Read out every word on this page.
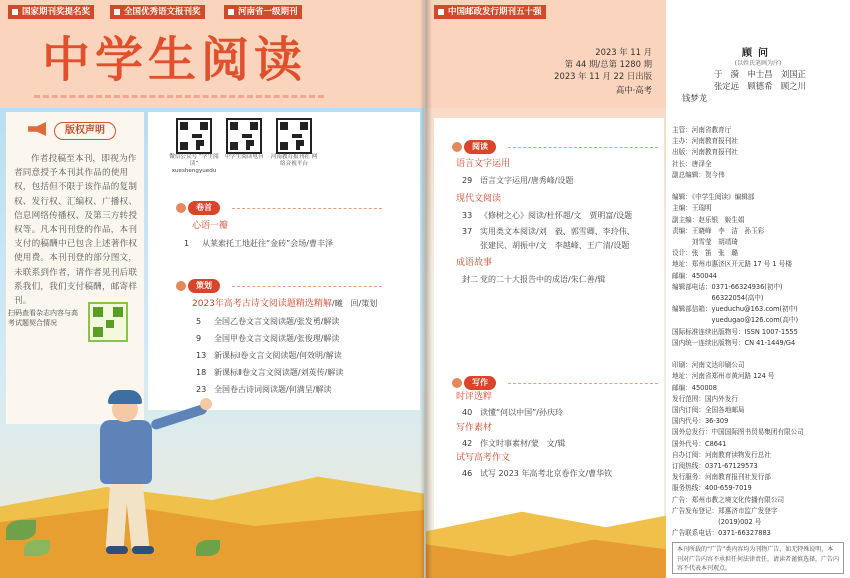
国家期刊奖提名奖	全国优秀语文报刊奖	河南省一级期刊
中学生阅读
版权声明
作者投稿至本刊，即视为作者同意授予本刊其作品的使用权，包括但不限于该作品的复制权、发行权、汇编权、广播权、信息网络传播权、及第三方转授权等。凡本刊刊登的作品，本刊支付的稿酬中已包含上述著作权使用费。本刊刊登的部分图文，未联系到作者，请作者见刊后联系我们，我们支付稿酬，邮寄样刊。
扫码查看杂志内容与高考试题契合情况
微信公众号 “学生阅读” xueshengyuedu
中学生阅读电台	河南教育报刊社 网络音视平台
卷首
心语一瓣
1 从莱索托工地赶往“金砖”会场/曹丰泽
策划
2023年高考古诗文阅读题精选精解/曦　回/策划
5 全国乙卷文言文阅读题/张发勇/解读
9 全国甲卷文言文阅读题/张俊理/解读
13 新课标Ⅰ卷文言文阅读题/何效明/解读
18 新课标Ⅱ卷文言文阅读题/刘英传/解读
23 全国卷古诗词阅读题/何满呈/解读
中国邮政发行期刊五十强
2023 年 11 月
第 44 期/总第 1280 期
2023 年 11 月 22 日出版
高中·高考
阅读
语言文字运用
29 语言文字运用/唐秀峰/设题
现代文阅读
33 《修树之心》阅读/杜怀超/文　贾明富/设题
37 实用类文本阅读/刘　毅、郭雪卿、李玲伟、
张建民、胡振中/文　李越峰、王广清/设题
成语故事
封二 党的二十大报告中的成语/朱仁善/辑
写作
时评选粹
40 读懂“何以中国”/孙庆玲
写作素材
42 作文时事素材/蒙　文/辑
试写高考作文
46 试写 2023 年高考北京卷作文/曹华钦
顾问
(以姓氏笔画为序)
于　漪　申士昌　刘国正
张定远　顾德希　顾之川
钱梦龙
主管：河南省教育厅
主办：河南教育报刊社
出版：河南教育报刊社
社长：唐泽全
副总编辑：贺今伟
编辑：《中学生阅读》编辑部
主编：王瑞明
副主编：赵乐银　姬生娟
责编：王晓峰　李　洁　孙玉彩
　　　刘雪莹　胡靖琦
设计：张　笛　张　璐
地址：郑州市惠济区开元路 17 号 1 号楼
邮编：450044
编辑部电话：0371-66324936(初中)
　　　　　　66322054(高中)
编辑部信箱：yueduchu@163.com(初中)
　　　　　　yuedugao@126.com(高中)
国际标准连续出版物号：ISSN 1007-1555
国内统一连续出版物号：CN 41-1449/G4
印刷：河南文达印刷公司
地址：河南省郑州市黄河路 124 号
邮编：450008
发行范围：国内外发行
国内订阅：全国各地邮局
国内代号：36-309
国外总发行：中国国际图书贸易集团有限公司
国外代号：C8641
自办订阅：河南教育读物发行总社
订阅热线：0371-67129573
发行服务：河南教育报刊社发行部
服务热线：400-659-7019
广告：郑州市教之境文化传播有限公司
广告发布登记：郑惠济市监广发登字
　　　　　　　(2019)002 号
广告联系电话：0371-66327883
本刊所载的“广告”类内容均为刊物广告，如无特殊说明，本刊对广告内容不承担任何法律责任，请读者谨慎选择，广告内容不代表本刊观点。
